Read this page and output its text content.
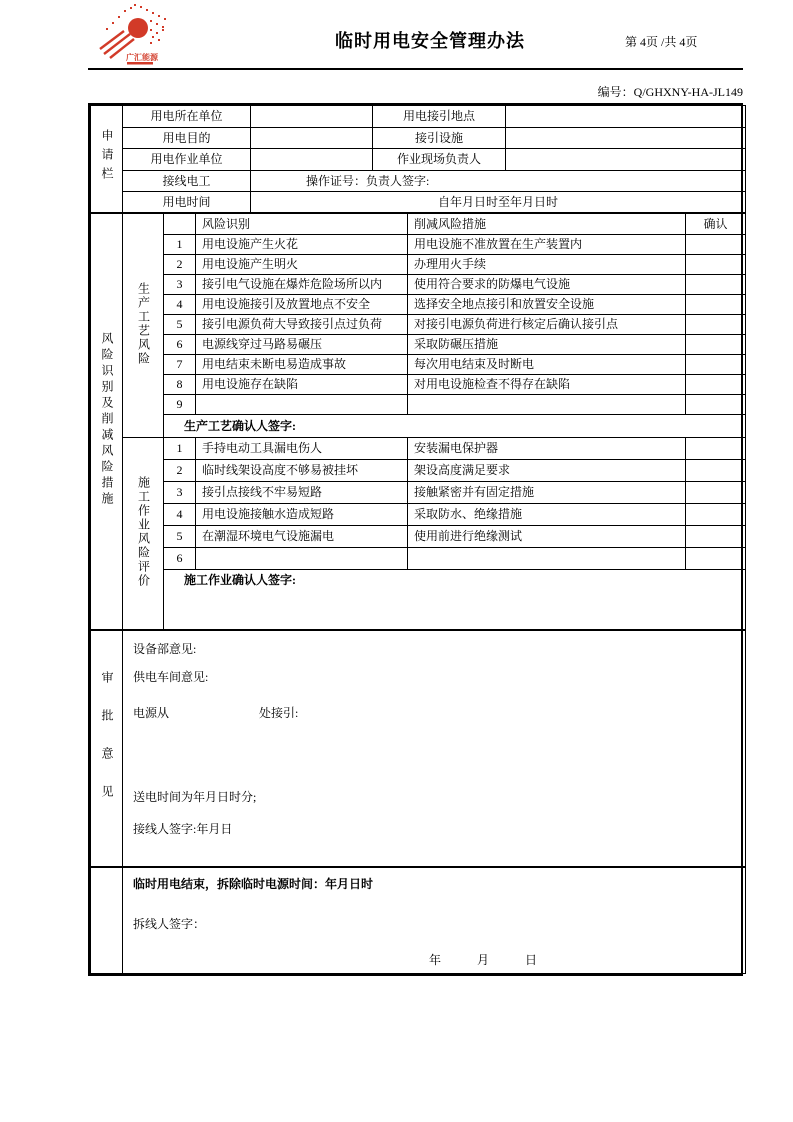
广汇能源
临时用电安全管理办法	第 4页 /共 4页
编号：Q/GHXNY-HA-JL149
申请栏	用电所在单位		用电接引地点	
	用电目的		接引设施	
	用电作业单位		作业现场负责人	
	接线电工	操作证号：负责人签字:		
	用电时间	自年月日时至年月日时		
风险识别及削减风险措施	生产工艺风险		风险识别	削减风险措施	确认
		1	用电设施产生火花	用电设施不准放置在生产装置内	
		2	用电设施产生明火	办理用火手续	
		3	接引电气设施在爆炸危险场所以内	使用符合要求的防爆电气设施	
		4	用电设施接引及放置地点不安全	选择安全地点接引和放置安全设施	
		5	接引电源负荷大导致接引点过负荷	对接引电源负荷进行核定后确认接引点	
		6	电源线穿过马路易碾压	采取防碾压措施	
		7	用电结束未断电易造成事故	每次用电结束及时断电	
		8	用电设施存在缺陷	对用电设施检查不得存在缺陷	
		9			
		生产工艺确认人签字:			
	施工作业风险评价	1	手持电动工具漏电伤人	安装漏电保护器	
		2	临时线架设高度不够易被挂坏	架设高度满足要求	
		3	接引点接线不牢易短路	接触紧密并有固定措施	
		4	用电设施接触水造成短路	采取防水、绝缘措施	
		5	在潮湿环境电气设施漏电	使用前进行绝缘测试	
		6			
		施工作业确认人签字:			
审批意见	
设备部意见:
供电车间意见:
电源从	处接引:
送电时间为年月日时分;
接线人签字:年月日

临时用电结束，拆除临时电源时间：年月日时
拆线人签字：
年　　　月　　　日
